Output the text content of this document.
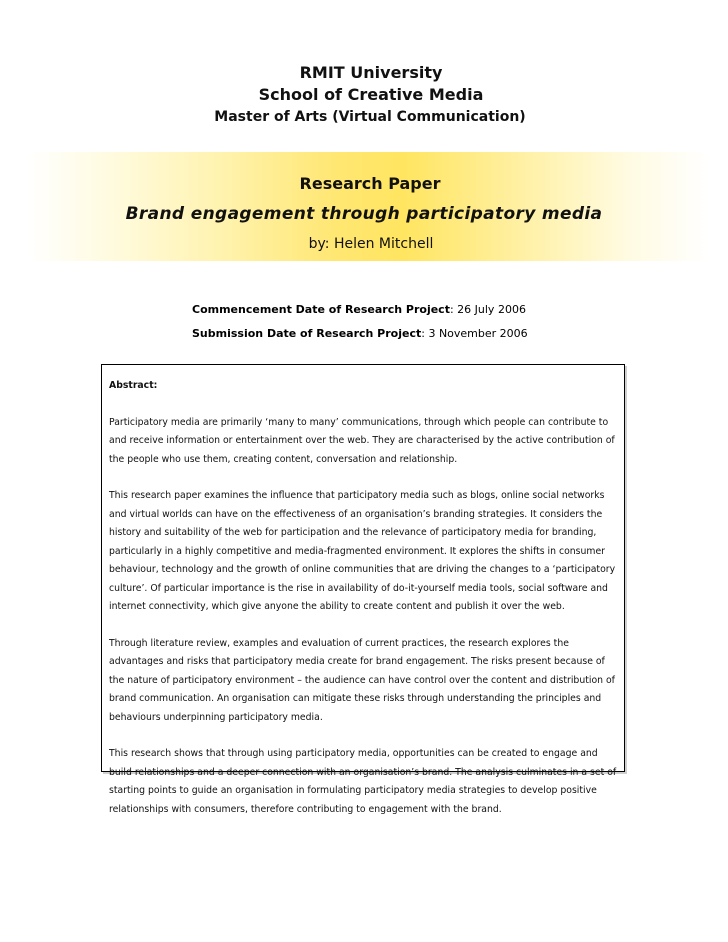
RMIT University
School of Creative Media
Master of Arts (Virtual Communication)
Research Paper
Brand engagement through participatory media
by: Helen Mitchell
Commencement Date of Research Project: 26 July 2006
Submission Date of Research Project: 3 November 2006

Abstract:

Participatory media are primarily ‘many to many’ communications, through which people can contribute to and receive information or entertainment over the web. They are characterised by the active contribution of the people who use them, creating content, conversation and relationship.

This research paper examines the influence that participatory media such as blogs, online social networks and virtual worlds can have on the effectiveness of an organisation’s branding strategies. It considers the history and suitability of the web for participation and the relevance of participatory media for branding, particularly in a highly competitive and media-fragmented environment. It explores the shifts in consumer behaviour, technology and the growth of online communities that are driving the changes to a ‘participatory culture’. Of particular importance is the rise in availability of do-it-yourself media tools, social software and internet connectivity, which give anyone the ability to create content and publish it over the web.

Through literature review, examples and evaluation of current practices, the research explores the advantages and risks that participatory media create for brand engagement. The risks present because of the nature of participatory environment – the audience can have control over the content and distribution of brand communication. An organisation can mitigate these risks through understanding the principles and behaviours underpinning participatory media.

This research shows that through using participatory media, opportunities can be created to engage and build relationships and a deeper connection with an organisation’s brand. The analysis culminates in a set of starting points to guide an organisation in formulating participatory media strategies to develop positive relationships with consumers, therefore contributing to engagement with the brand.
